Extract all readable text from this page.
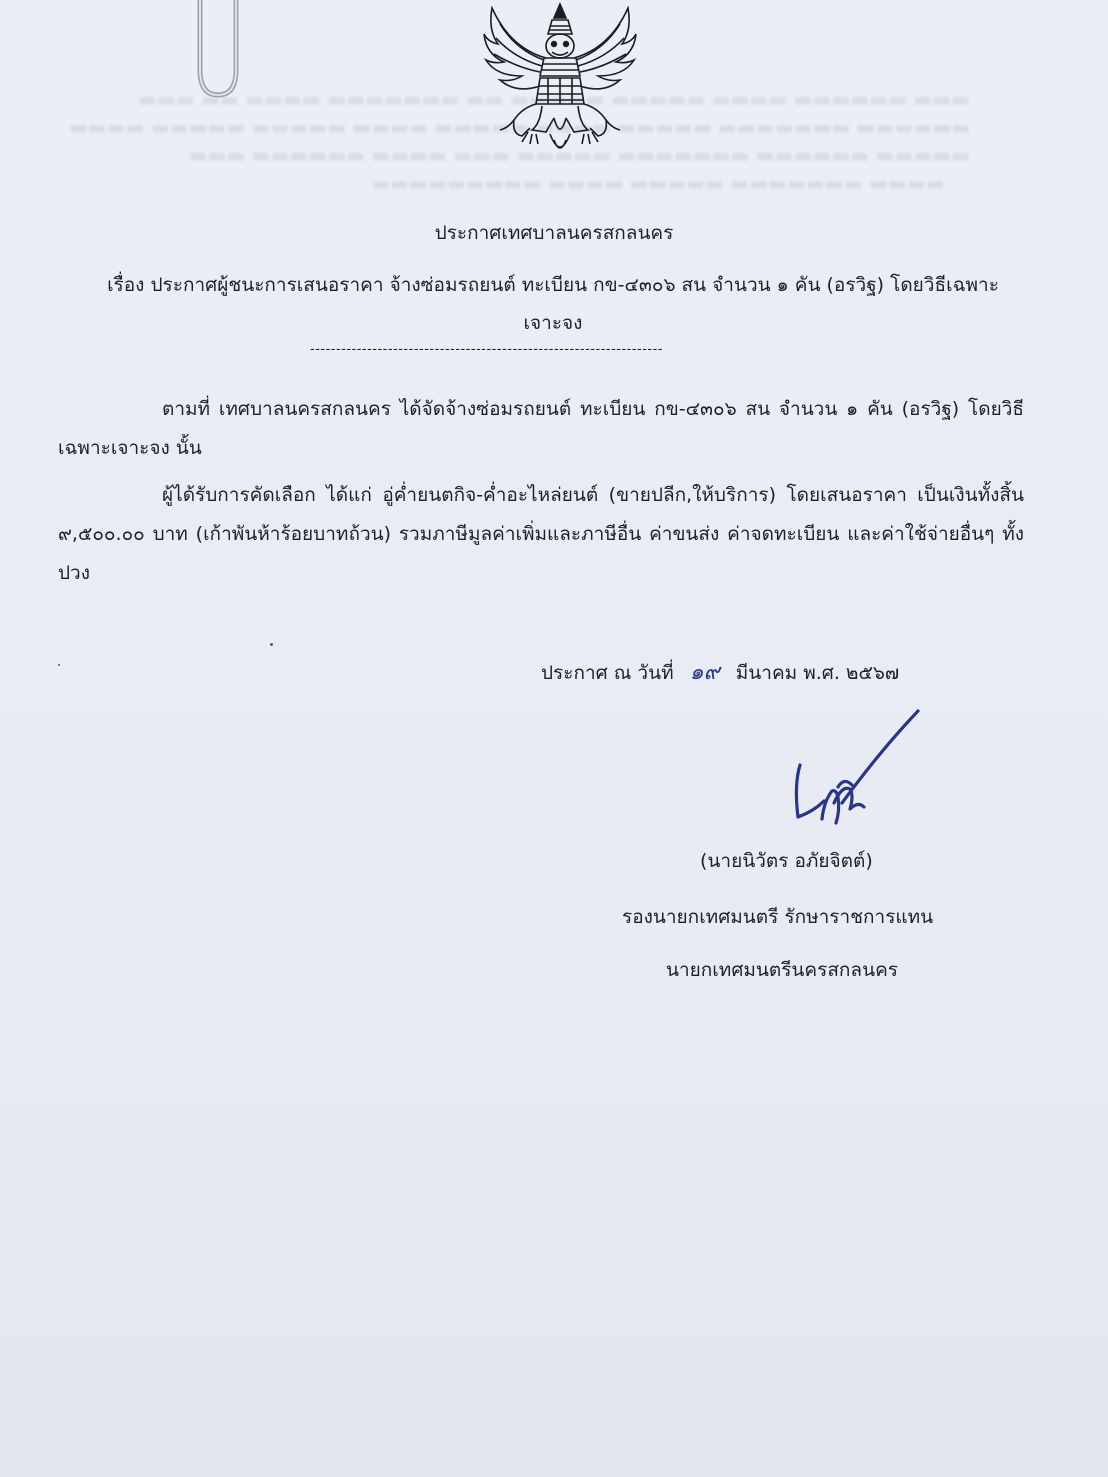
▬▬▬ ▬▬▬▬▬▬ ▬▬▬▬ ▬▬▬▬▬ ▬▬▬▬▬ ▬▬ ▬▬▬▬▬▬▬ ▬▬▬▬ ▬▬ ▬▬▬
▬▬▬▬▬▬ ▬▬▬▬▬▬▬ ▬▬▬▬▬ ▬▬▬▬ ▬▬▬▬▬ ▬▬▬▬ ▬▬▬▬▬ ▬▬▬▬▬ ▬▬▬▬
▬▬▬▬▬ ▬▬▬▬▬▬ ▬▬▬▬▬▬▬ ▬▬▬▬▬ ▬▬▬ ▬▬▬▬ ▬▬▬▬▬▬ ▬▬▬
▬▬▬▬ ▬▬▬▬▬▬▬ ▬▬▬▬▬ ▬▬▬▬ ▬▬▬▬▬▬▬▬▬
ประกาศเทศบาลนครสกลนคร
เรื่อง ประกาศผู้ชนะการเสนอราคา จ้างซ่อมรถยนต์ ทะเบียน กข-๔๓๐๖ สน จำนวน ๑ คัน (อรวิฐ) โดยวิธีเฉพาะเจาะจง
--------------------------------------------------------------------
ตามที่ เทศบาลนครสกลนคร ได้จัดจ้างซ่อมรถยนต์ ทะเบียน กข-๔๓๐๖ สน จำนวน ๑ คัน (อรวิฐ) โดยวิธีเฉพาะเจาะจง นั้น
ผู้ได้รับการคัดเลือก ได้แก่ อู่ค่ำยนตกิจ-ค่ำอะไหล่ยนต์ (ขายปลีก,ให้บริการ) โดยเสนอราคา เป็นเงินทั้งสิ้น ๙,๕๐๐.๐๐ บาท (เก้าพันห้าร้อยบาทถ้วน) รวมภาษีมูลค่าเพิ่มและภาษีอื่น ค่าขนส่ง ค่าจดทะเบียน และค่าใช้จ่ายอื่นๆ ทั้งปวง
ประกาศ ณ วันที่ ๑๙ มีนาคม พ.ศ. ๒๕๖๗
(นายนิวัตร อภัยจิตต์)
รองนายกเทศมนตรี รักษาราชการแทน
นายกเทศมนตรีนครสกลนคร
